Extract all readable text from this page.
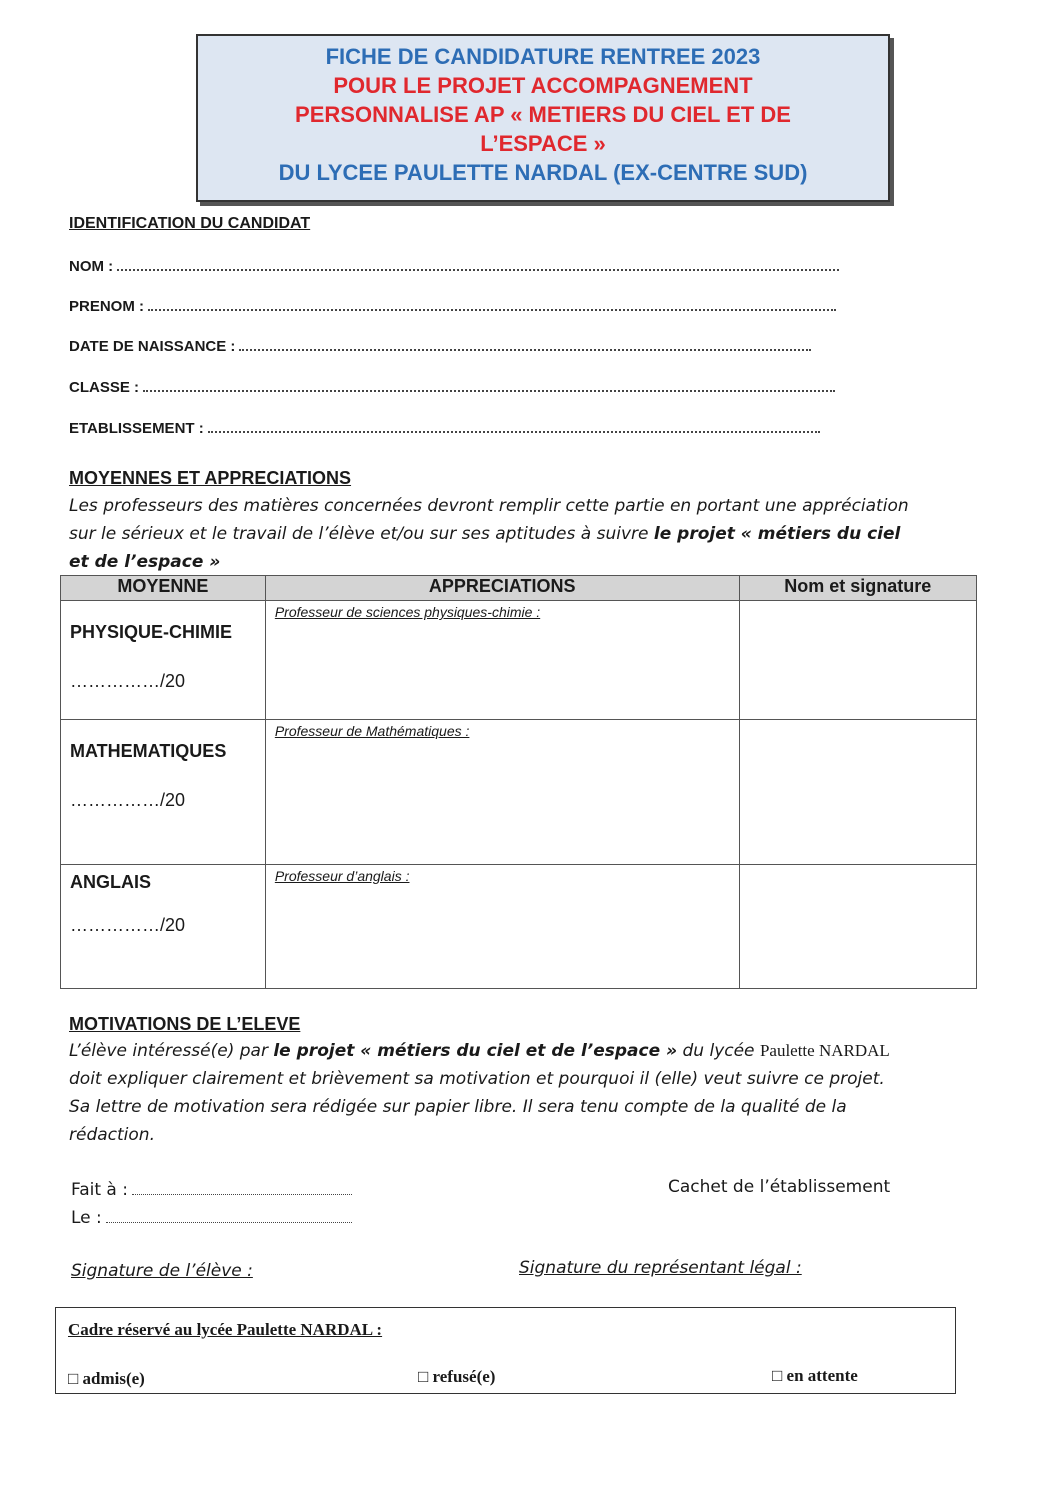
FICHE DE CANDIDATURE RENTREE 2023
POUR LE PROJET ACCOMPAGNEMENT
PERSONNALISE AP « METIERS DU CIEL ET DE
L’ESPACE »
DU LYCEE PAULETTE NARDAL (EX-CENTRE SUD)
IDENTIFICATION DU CANDIDAT
NOM :
PRENOM :
DATE DE NAISSANCE :
CLASSE :
ETABLISSEMENT :
MOYENNES ET APPRECIATIONS
Les professeurs des matières concernées devront remplir cette partie en portant une appréciation
sur le sérieux et le travail de l’élève et/ou sur ses aptitudes à suivre le projet « métiers du ciel
et de l’espace »
MOYENNE	APPRECIATIONS	Nom et signature

PHYSIQUE-CHIMIE
……………/20	Professeur de sciences physiques-chimie :	

MATHEMATIQUES
……………/20	Professeur de Mathématiques :	

ANGLAIS
……………/20	Professeur d’anglais :	

MOTIVATIONS DE L’ELEVE
L’élève intéressé(e) par le projet « métiers du ciel et de l’espace » du lycée Paulette NARDAL
doit expliquer clairement et brièvement sa motivation et pourquoi il (elle) veut suivre ce projet.
Sa lettre de motivation sera rédigée sur papier libre. Il sera tenu compte de la qualité de la
rédaction.
Fait à :
Le :
Cachet de l’établissement
Signature de l’élève :	Signature du représentant légal :
Cadre réservé au lycée Paulette NARDAL :
□ admis(e)	□ refusé(e)	□ en attente
